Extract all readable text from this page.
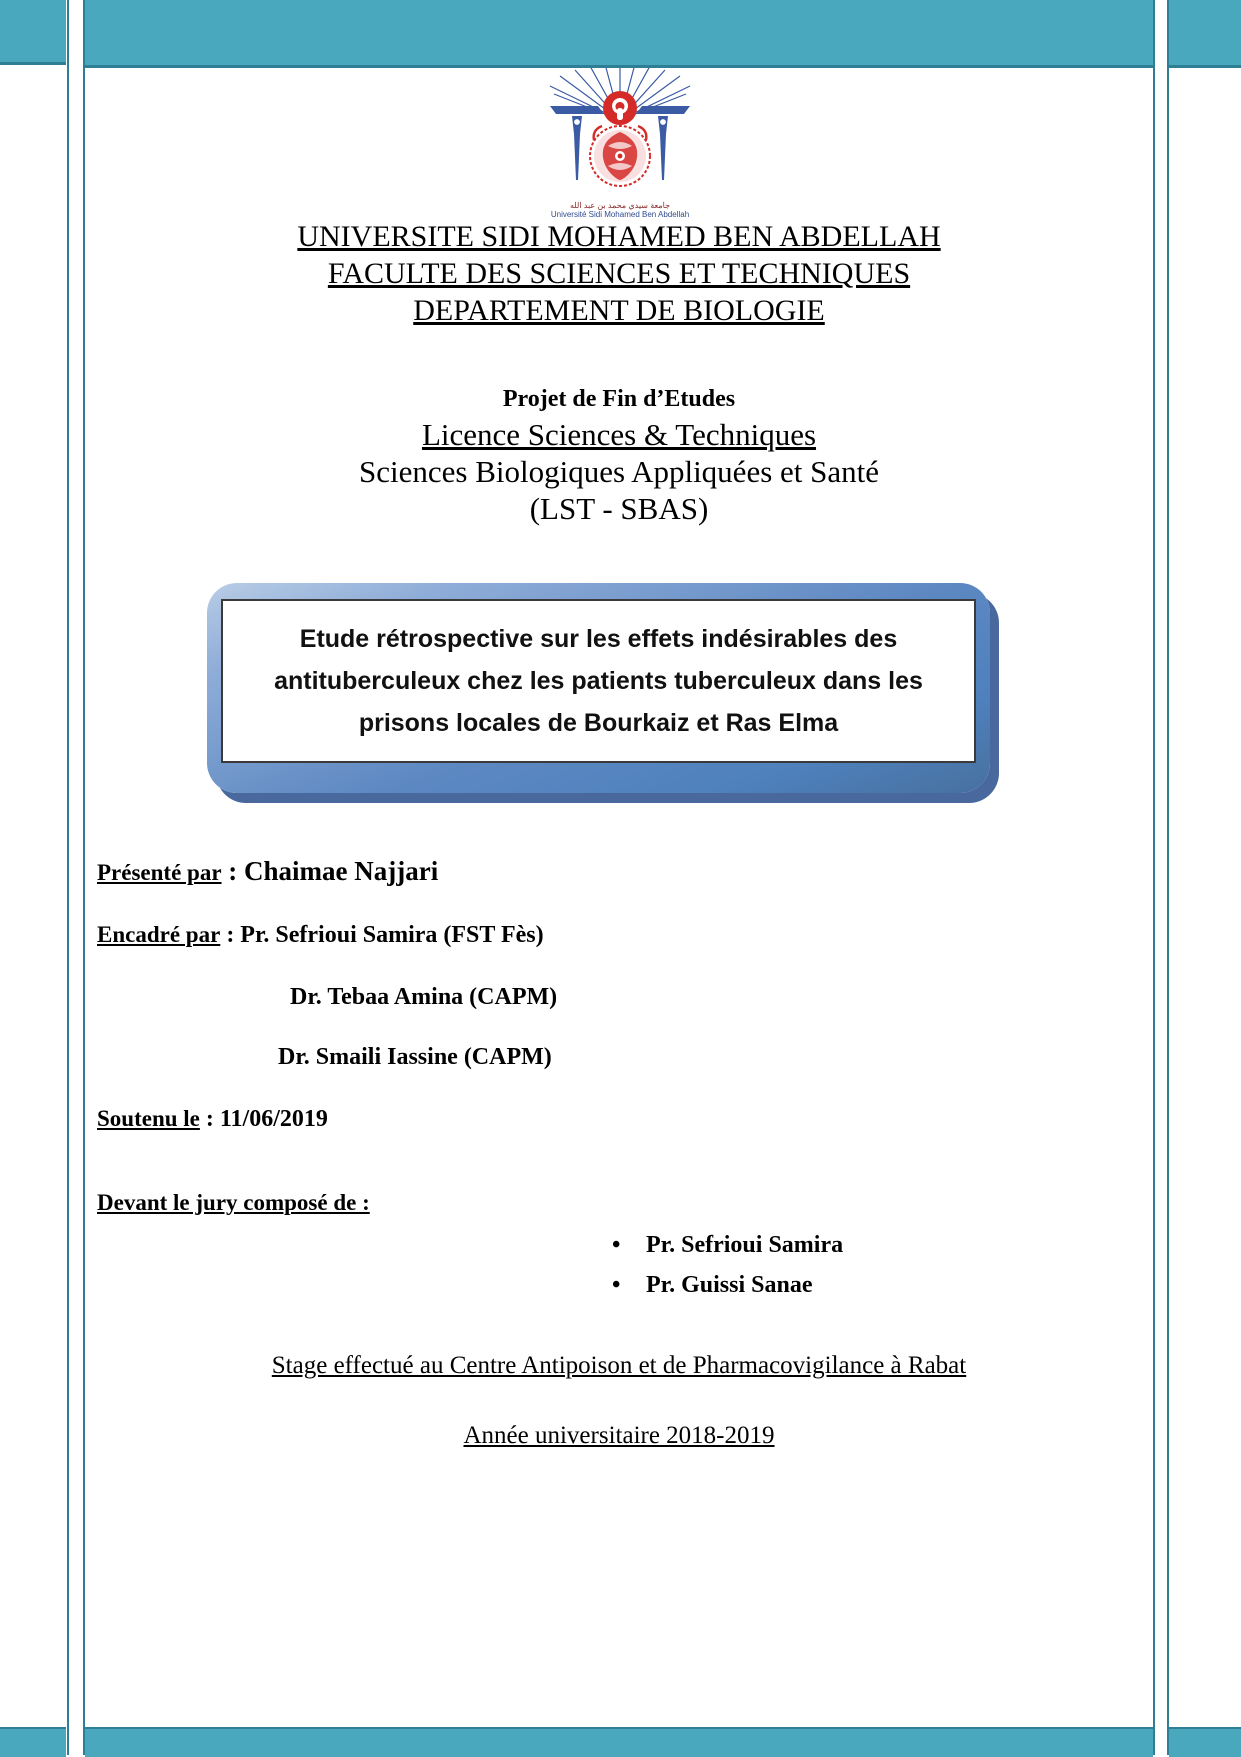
جامعة سيدي محمد بن عبد الله
Université Sidi Mohamed Ben Abdellah
UNIVERSITE SIDI MOHAMED BEN ABDELLAH
FACULTE DES SCIENCES ET TECHNIQUES
DEPARTEMENT DE BIOLOGIE
Projet de Fin d’Etudes
Licence Sciences & Techniques
Sciences Biologiques Appliquées et Santé
(LST - SBAS)
Etude rétrospective sur les effets indésirables des
antituberculeux chez les patients tuberculeux dans les
prisons locales de Bourkaiz et Ras Elma
Présenté par : Chaimae Najjari
Encadré par : Pr. Sefrioui Samira (FST Fès)
Dr. Tebaa Amina (CAPM)
Dr. Smaili Iassine (CAPM)
Soutenu le : 11/06/2019
Devant le jury composé de :
• Pr. Sefrioui Samira
• Pr. Guissi Sanae
Stage effectué au Centre Antipoison et de Pharmacovigilance à Rabat
Année universitaire 2018-2019
